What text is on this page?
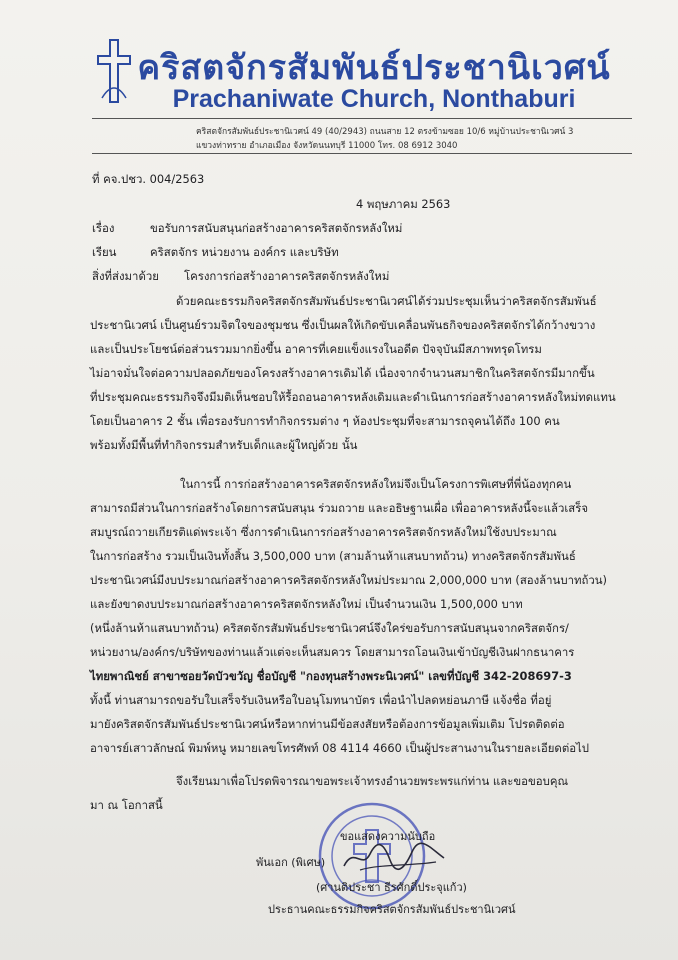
คริสตจักรสัมพันธ์ประชานิเวศน์
Prachaniwate Church, Nonthaburi
คริสตจักรสัมพันธ์ประชานิเวศน์ 49 (40/2943) ถนนสาย 12 ตรงข้ามซอย 10/6 หมู่บ้านประชานิเวศน์ 3
แขวงท่าทราย อำเภอเมือง จังหวัดนนทบุรี 11000 โทร. 08 6912 3040
ที่ คจ.ปชว. 004/2563
4 พฤษภาคม 2563
เรื่อง	ขอรับการสนับสนุนก่อสร้างอาคารคริสตจักรหลังใหม่
เรียน	คริสตจักร หน่วยงาน องค์กร และบริษัท
สิ่งที่ส่งมาด้วย โครงการก่อสร้างอาคารคริสตจักรหลังใหม่
ด้วยคณะธรรมกิจคริสตจักรสัมพันธ์ประชานิเวศน์ได้ร่วมประชุมเห็นว่าคริสตจักรสัมพันธ์
ประชานิเวศน์ เป็นศูนย์รวมจิตใจของชุมชน ซึ่งเป็นผลให้เกิดขับเคลื่อนพันธกิจของคริสตจักรได้กว้างขวาง
และเป็นประโยชน์ต่อส่วนรวมมากยิ่งขึ้น อาคารที่เคยแข็งแรงในอดีต ปัจจุบันมีสภาพทรุดโทรม
ไม่อาจมั่นใจต่อความปลอดภัยของโครงสร้างอาคารเดิมได้ เนื่องจากจำนวนสมาชิกในคริสตจักรมีมากขึ้น
ที่ประชุมคณะธรรมกิจจึงมีมติเห็นชอบให้รื้อถอนอาคารหลังเดิมและดำเนินการก่อสร้างอาคารหลังใหม่ทดแทน
โดยเป็นอาคาร 2 ชั้น เพื่อรองรับการทำกิจกรรมต่าง ๆ ห้องประชุมที่จะสามารถจุคนได้ถึง 100 คน
พร้อมทั้งมีพื้นที่ทำกิจกรรมสำหรับเด็กและผู้ใหญ่ด้วย นั้น
ในการนี้ การก่อสร้างอาคารคริสตจักรหลังใหม่จึงเป็นโครงการพิเศษที่พี่น้องทุกคน
สามารถมีส่วนในการก่อสร้างโดยการสนับสนุน ร่วมถวาย และอธิษฐานเผื่อ เพื่ออาคารหลังนี้จะแล้วเสร็จ
สมบูรณ์ถวายเกียรติแด่พระเจ้า ซึ่งการดำเนินการก่อสร้างอาคารคริสตจักรหลังใหม่ใช้งบประมาณ
ในการก่อสร้าง รวมเป็นเงินทั้งสิ้น 3,500,000 บาท (สามล้านห้าแสนบาทถ้วน) ทางคริสตจักรสัมพันธ์
ประชานิเวศน์มีงบประมาณก่อสร้างอาคารคริสตจักรหลังใหม่ประมาณ 2,000,000 บาท (สองล้านบาทถ้วน)
และยังขาดงบประมาณก่อสร้างอาคารคริสตจักรหลังใหม่ เป็นจำนวนเงิน 1,500,000 บาท
(หนึ่งล้านห้าแสนบาทถ้วน) คริสตจักรสัมพันธ์ประชานิเวศน์จึงใคร่ขอรับการสนับสนุนจากคริสตจักร/
หน่วยงาน/องค์กร/บริษัทของท่านแล้วแต่จะเห็นสมควร โดยสามารถโอนเงินเข้าบัญชีเงินฝากธนาคาร
ไทยพาณิชย์ สาขาซอยวัดบัวขวัญ ชื่อบัญชี "กองทุนสร้างพระนิเวศน์" เลขที่บัญชี 342-208697-3
ทั้งนี้ ท่านสามารถขอรับใบเสร็จรับเงินหรือใบอนุโมทนาบัตร เพื่อนำไปลดหย่อนภาษี แจ้งชื่อ ที่อยู่
มายังคริสตจักรสัมพันธ์ประชานิเวศน์หรือหากท่านมีข้อสงสัยหรือต้องการข้อมูลเพิ่มเติม โปรดติดต่อ
อาจารย์เสาวลักษณ์ พิมพ์หนู หมายเลขโทรศัพท์ 08 4114 4660 เป็นผู้ประสานงานในรายละเอียดต่อไป
จึงเรียนมาเพื่อโปรดพิจารณาขอพระเจ้าทรงอำนวยพระพรแก่ท่าน และขอขอบคุณ
มา ณ โอกาสนี้
ขอแสดงความนับถือ
พันเอก (พิเศษ)
(ศานติประชา ธีรศักดิ์ประจุแก้ว)
ประธานคณะธรรมกิจคริสตจักรสัมพันธ์ประชานิเวศน์
